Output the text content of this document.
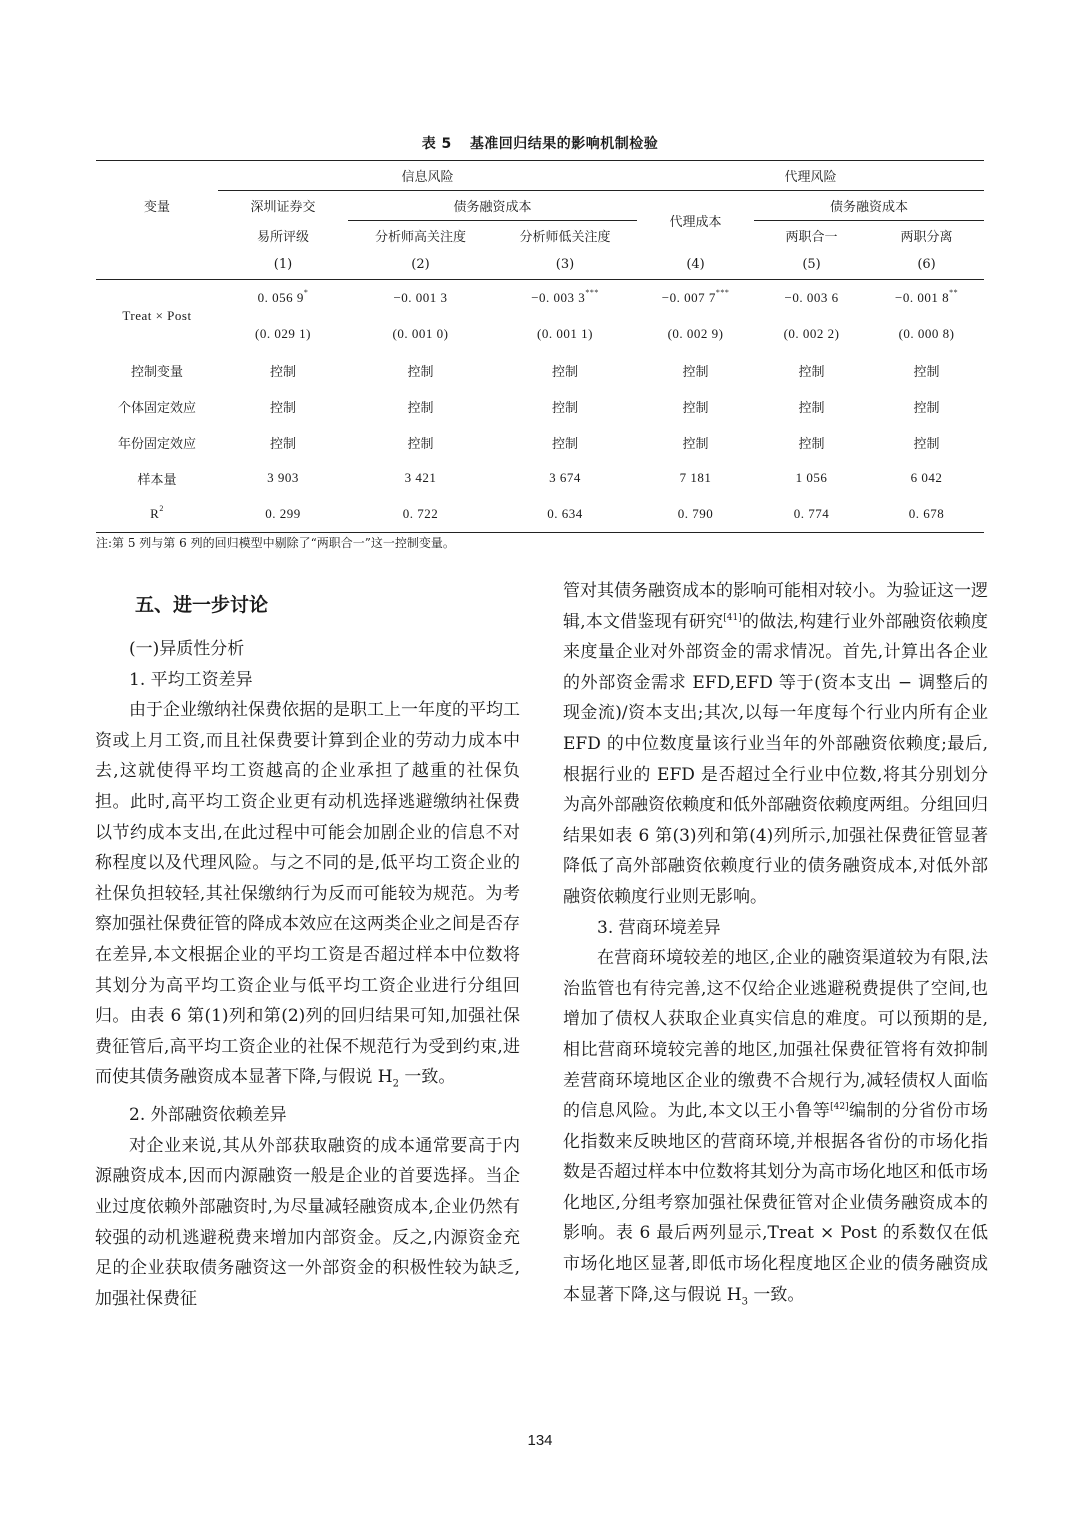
表 5 基准回归结果的影响机制检验
变量	信息风险			代理风险		
	深圳证券交	债务融资成本		代理成本	债务融资成本	
	易所评级	分析师高关注度	分析师低关注度		两职合一	两职分离
	(1)	(2)	(3)	(4)	(5)	(6)
Treat × Post	0. 056 9*	−0. 001 3	−0. 003 3***	−0. 007 7***	−0. 003 6	−0. 001 8**
	(0. 029 1)	(0. 001 0)	(0. 001 1)	(0. 002 9)	(0. 002 2)	(0. 000 8)
控制变量	控制	控制	控制	控制	控制	控制
个体固定效应	控制	控制	控制	控制	控制	控制
年份固定效应	控制	控制	控制	控制	控制	控制
样本量	3 903	3 421	3 674	7 181	1 056	6 042
$R^2$	0. 299	0. 722	0. 634	0. 790	0. 774	0. 678
注:第 5 列与第 6 列的回归模型中剔除了“两职合一”这一控制变量。
五、进一步讨论

(一)异质性分析

1. 平均工资差异

由于企业缴纳社保费依据的是职工上一年度的平均工资或上月工资,而且社保费要计算到企业的劳动力成本中去,这就使得平均工资越高的企业承担了越重的社保负担。此时,高平均工资企业更有动机选择逃避缴纳社保费以节约成本支出,在此过程中可能会加剧企业的信息不对称程度以及代理风险。与之不同的是,低平均工资企业的社保负担较轻,其社保缴纳行为反而可能较为规范。为考察加强社保费征管的降成本效应在这两类企业之间是否存在差异,本文根据企业的平均工资是否超过样本中位数将其划分为高平均工资企业与低平均工资企业进行分组回归。由表 6 第(1)列和第(2)列的回归结果可知,加强社保费征管后,高平均工资企业的社保不规范行为受到约束,进而使其债务融资成本显著下降,与假说 $H_2$ 一致。

2. 外部融资依赖差异

对企业来说,其从外部获取融资的成本通常要高于内源融资成本,因而内源融资一般是企业的首要选择。当企业过度依赖外部融资时,为尽量减轻融资成本,企业仍然有较强的动机逃避税费来增加内部资金。反之,内源资金充足的企业获取债务融资这一外部资金的积极性较为缺乏,加强社保费征

管对其债务融资成本的影响可能相对较小。为验证这一逻辑,本文借鉴现有研究[41]的做法,构建行业外部融资依赖度来度量企业对外部资金的需求情况。首先,计算出各企业的外部资金需求 EFD,EFD 等于(资本支出 − 调整后的现金流)/资本支出;其次,以每一年度每个行业内所有企业 EFD 的中位数度量该行业当年的外部融资依赖度;最后,根据行业的 EFD 是否超过全行业中位数,将其分别划分为高外部融资依赖度和低外部融资依赖度两组。分组回归结果如表 6 第(3)列和第(4)列所示,加强社保费征管显著降低了高外部融资依赖度行业的债务融资成本,对低外部融资依赖度行业则无影响。

3. 营商环境差异

在营商环境较差的地区,企业的融资渠道较为有限,法治监管也有待完善,这不仅给企业逃避税费提供了空间,也增加了债权人获取企业真实信息的难度。可以预期的是,相比营商环境较完善的地区,加强社保费征管将有效抑制差营商环境地区企业的缴费不合规行为,减轻债权人面临的信息风险。为此,本文以王小鲁等[42]编制的分省份市场化指数来反映地区的营商环境,并根据各省份的市场化指数是否超过样本中位数将其划分为高市场化地区和低市场化地区,分组考察加强社保费征管对企业债务融资成本的影响。表 6 最后两列显示,Treat × Post 的系数仅在低市场化地区显著,即低市场化程度地区企业的债务融资成本显著下降,这与假说 $H_3$ 一致。

134
